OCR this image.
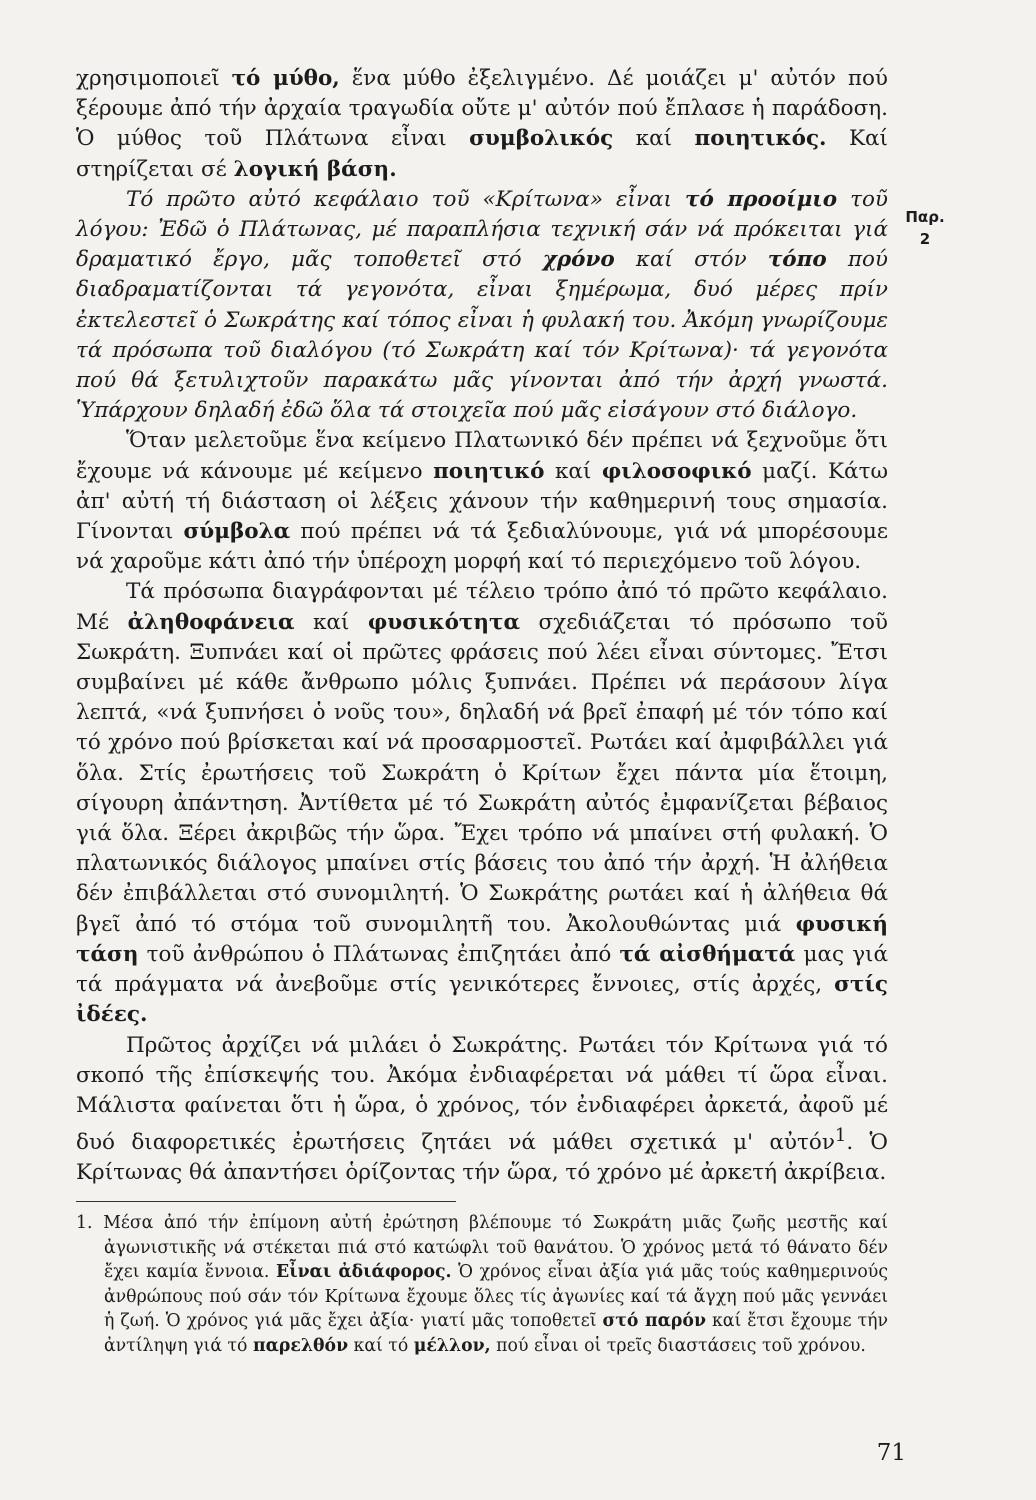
χρησιμοποιεῖ τό μύθο, ἕνα μύθο ἐξελιγμένο. Δέ μοιάζει μ' αὐτόν πού ξέρουμε ἀπό τήν ἀρχαία τραγωδία οὔτε μ' αὐτόν πού ἔπλασε ἡ παράδοση. Ὁ μύθος τοῦ Πλάτωνα εἶναι συμβολικός καί ποιητικός. Καί στηρίζεται σέ λογική βάση.

Τό πρῶτο αὐτό κεφάλαιο τοῦ «Κρίτωνα» εἶναι τό προοίμιο τοῦ λόγου: Ἐδῶ ὁ Πλάτωνας, μέ παραπλήσια τεχνική σάν νά πρόκειται γιά δραματικό ἔργο, μᾶς τοποθετεῖ στό χρόνο καί στόν τόπο πού διαδραματίζονται τά γεγονότα, εἶναι ξημέρωμα, δυό μέρες πρίν ἐκτελεστεῖ ὁ Σωκράτης καί τόπος εἶναι ἡ φυλακή του. Ἀκόμη γνωρίζουμε τά πρόσωπα τοῦ διαλόγου (τό Σωκράτη καί τόν Κρίτωνα)· τά γεγονότα πού θά ξετυλιχτοῦν παρακάτω μᾶς γίνονται ἀπό τήν ἀρχή γνωστά. Ὑπάρχουν δηλαδή ἐδῶ ὅλα τά στοιχεῖα πού μᾶς εἰσάγουν στό διάλογο.

Ὅταν μελετοῦμε ἕνα κείμενο Πλατωνικό δέν πρέπει νά ξεχνοῦμε ὅτι ἔχουμε νά κάνουμε μέ κείμενο ποιητικό καί φιλοσοφικό μαζί. Κάτω ἀπ' αὐτή τή διάσταση οἱ λέξεις χάνουν τήν καθημερινή τους σημασία. Γίνονται σύμβολα πού πρέπει νά τά ξεδιαλύνουμε, γιά νά μπορέσουμε νά χαροῦμε κάτι ἀπό τήν ὑπέροχη μορφή καί τό περιεχόμενο τοῦ λόγου.

Τά πρόσωπα διαγράφονται μέ τέλειο τρόπο ἀπό τό πρῶτο κεφάλαιο. Μέ ἀληθοφάνεια καί φυσικότητα σχεδιάζεται τό πρόσωπο τοῦ Σωκράτη. Ξυπνάει καί οἱ πρῶτες φράσεις πού λέει εἶναι σύντομες. Ἔτσι συμβαίνει μέ κάθε ἄνθρωπο μόλις ξυπνάει. Πρέπει νά περάσουν λίγα λεπτά, «νά ξυπνήσει ὁ νοῦς του», δηλαδή νά βρεῖ ἐπαφή μέ τόν τόπο καί τό χρόνο πού βρίσκεται καί νά προσαρμοστεῖ. Ρωτάει καί ἀμφιβάλλει γιά ὅλα. Στίς ἐρωτήσεις τοῦ Σωκράτη ὁ Κρίτων ἔχει πάντα μία ἕτοιμη, σίγουρη ἀπάντηση. Ἀντίθετα μέ τό Σωκράτη αὐτός ἐμφανίζεται βέβαιος γιά ὅλα. Ξέρει ἀκριβῶς τήν ὥρα. Ἔχει τρόπο νά μπαίνει στή φυλακή. Ὁ πλατωνικός διάλογος μπαίνει στίς βάσεις του ἀπό τήν ἀρχή. Ἡ ἀλήθεια δέν ἐπιβάλλεται στό συνομιλητή. Ὁ Σωκράτης ρωτάει καί ἡ ἀλήθεια θά βγεῖ ἀπό τό στόμα τοῦ συνομιλητῆ του. Ἀκολουθώντας μιά φυσική τάση τοῦ ἀνθρώπου ὁ Πλάτωνας ἐπιζητάει ἀπό τά αἰσθήματά μας γιά τά πράγματα νά ἀνεβοῦμε στίς γενικότερες ἔννοιες, στίς ἀρχές, στίς ἰδέες.

Πρῶτος ἀρχίζει νά μιλάει ὁ Σωκράτης. Ρωτάει τόν Κρίτωνα γιά τό σκοπό τῆς ἐπίσκεψής του. Ἀκόμα ἐνδιαφέρεται νά μάθει τί ὥρα εἶναι. Μάλιστα φαίνεται ὅτι ἡ ὥρα, ὁ χρόνος, τόν ἐνδιαφέρει ἀρκετά, ἀφοῦ μέ δυό διαφορετικές ἐρωτήσεις ζητάει νά μάθει σχετικά μ' αὐτόν$^1$. Ὁ Κρίτωνας θά ἀπαντήσει ὁρίζοντας τήν ὥρα, τό χρόνο μέ ἀρκετή ἀκρίβεια.

Παρ.
2

1. Μέσα ἀπό τήν ἐπίμονη αὐτή ἐρώτηση βλέπουμε τό Σωκράτη μιᾶς ζωῆς μεστῆς καί ἀγωνιστικῆς νά στέκεται πιά στό κατώφλι τοῦ θανάτου. Ὁ χρόνος μετά τό θάνατο δέν ἔχει καμία ἔννοια. Εἶναι ἀδιάφορος. Ὁ χρόνος εἶναι ἀξία γιά μᾶς τούς καθημερινούς ἀνθρώπους πού σάν τόν Κρίτωνα ἔχουμε ὅλες τίς ἀγωνίες καί τά ἄγχη πού μᾶς γεννάει ἡ ζωή. Ὁ χρόνος γιά μᾶς ἔχει ἀξία· γιατί μᾶς τοποθετεῖ στό παρόν καί ἔτσι ἔχουμε τήν ἀντίληψη γιά τό παρελθόν καί τό μέλλον, πού εἶναι οἱ τρεῖς διαστάσεις τοῦ χρόνου.

71
